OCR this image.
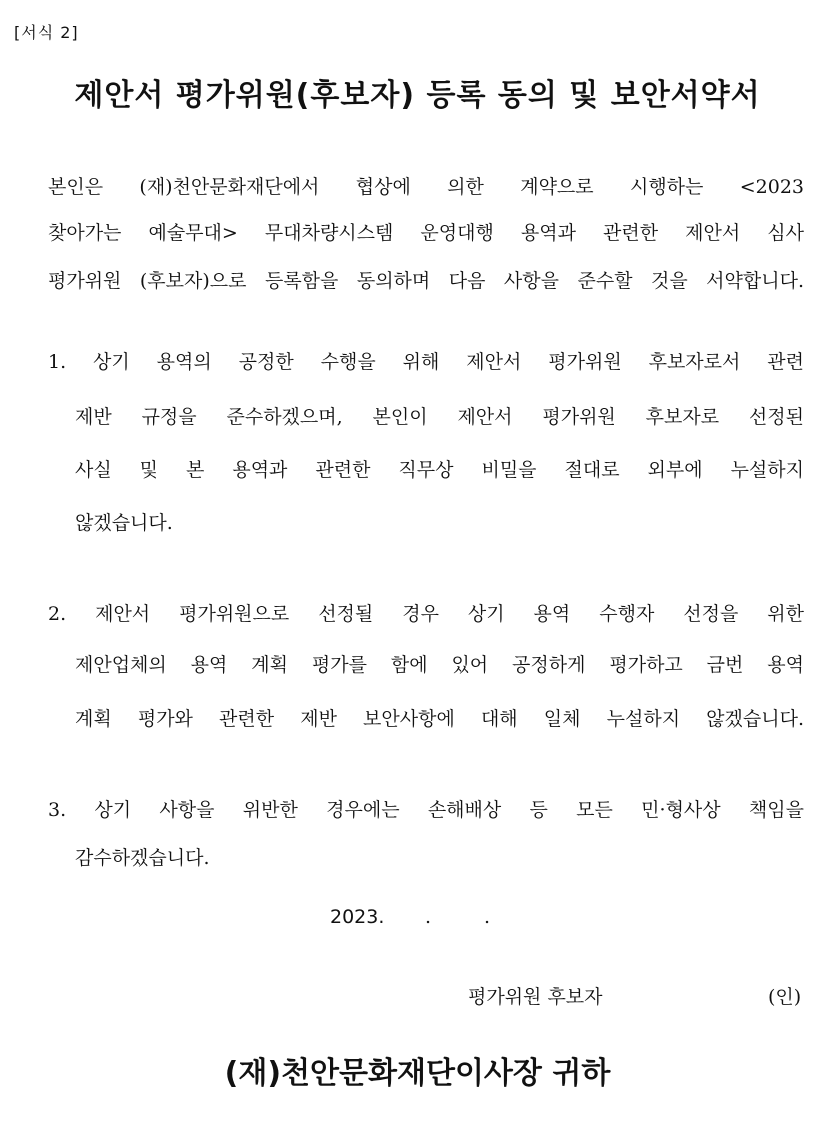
[서식 2]
제안서 평가위원(후보자) 등록 동의 및 보안서약서
본인은 (재)천안문화재단에서 협상에 의한 계약으로 시행하는 <2023
찾아가는 예술무대> 무대차량시스템 운영대행 용역과 관련한 제안서 심사
평가위원 (후보자)으로 등록함을 동의하며 다음 사항을 준수할 것을 서약합니다.
1. 상기 용역의 공정한 수행을 위해 제안서 평가위원 후보자로서 관련
제반 규정을 준수하겠으며, 본인이 제안서 평가위원 후보자로 선정된
사실 및 본 용역과 관련한 직무상 비밀을 절대로 외부에 누설하지
않겠습니다.
2. 제안서 평가위원으로 선정될 경우 상기 용역 수행자 선정을 위한
제안업체의 용역 계획 평가를 함에 있어 공정하게 평가하고 금번 용역
계획 평가와 관련한 제반 보안사항에 대해 일체 누설하지 않겠습니다.
3. 상기 사항을 위반한 경우에는 손해배상 등 모든 민·형사상 책임을
감수하겠습니다.
2023. .	.
평가위원 후보자	(인)
(재)천안문화재단이사장 귀하
